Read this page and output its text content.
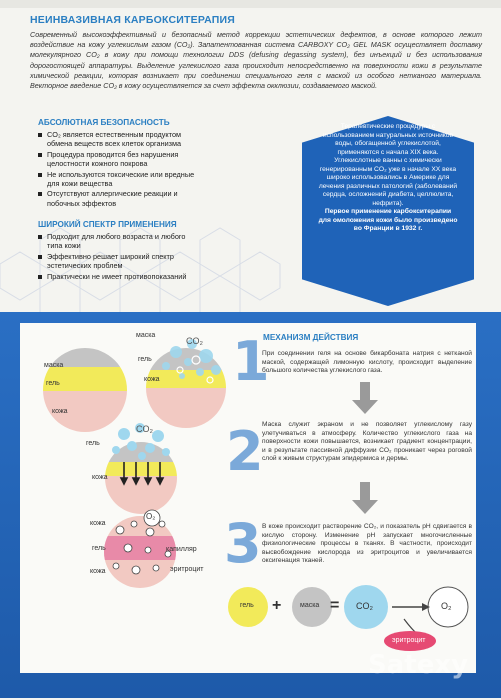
НЕИНВАЗИВНАЯ КАРБОКСИТЕРАПИЯ

Современный высокоэффективный и безопасный метод коррекции эстетических дефектов, в основе которого лежит воздействие на кожу углекислым газом (CO₂). Запатентованная система CARBOXY CO₂ GEL MASK осуществляет доставку молекулярного CO₂ в кожу при помощи технологии DDS (defusing degassing system), без инъекций и без использования дорогостоящей аппаратуры. Выделение углекислого газа происходит непосредственно на поверхности кожи в результате химической реакции, которая возникает при соединении специального геля с маской из особого нетканого материала. Векторное введение CO₂ в кожу осуществляется за счет эффекта окклюзии, создаваемого маской.

АБСОЛЮТНАЯ БЕЗОПАСНОСТЬ
CO₂ является естественным продуктом обмена веществ всех клеток организма
Процедура проводится без нарушения целостности кожного покрова
Не используются токсические или вредные для кожи вещества
Отсутствуют аллергические реакции и побочных эффектов
ШИРОКИЙ СПЕКТР ПРИМЕНЕНИЯ
Подходит для любого возраста и любого типа кожи
Эффективно решает широкий спектр эстетических проблем
Практически не имеет противопоказаний
Терапевтические процедуры с использованием натуральных источников воды, обогащенной углекислотой, применяются с начала XIX века. Углекислотные ванны с химически генерированным CO₂ уже в начале XX века широко использовались в Америке для лечения различных патологий (заболеваний сердца, осложнений диабета, целлюлита, нефрита).
Первое применение карбокситерапии для омоложения кожи было произведено во Франции в 1932 г.
МЕХАНИЗМ ДЕЙСТВИЯ
маска
гель
кожа
маска
CO₂
гель
кожа 1
При соединении геля на основе бикарбоната натрия с нетканой маской, содержащей лимонную кислоту, происходит выделение большого количества углекислого газа.
CO₂
гель
кожа 2
Маска служит экраном и не позволяет углекислому газу улетучиваться в атмосферу. Количество углекислого газа на поверхности кожи повышается, возникает градиент концентрации, и в результате пассивной диффузии CO₂ проникает через роговой слой к живым структурам эпидермиса и дермы.
кожа
O₂
гель	капилляр
эритроцит
кожа 3 В коже происходит растворение CO₂, и показатель pH сдвигается в кислую сторону. Изменение pH запускает многочисленные физиологические процессы в тканях. В частности, происходит высвобождение кислорода из эритроцитов и увеличивается оксигенация тканей.
гель +	маска = CO₂	O₂
эритроцит
Satexy
